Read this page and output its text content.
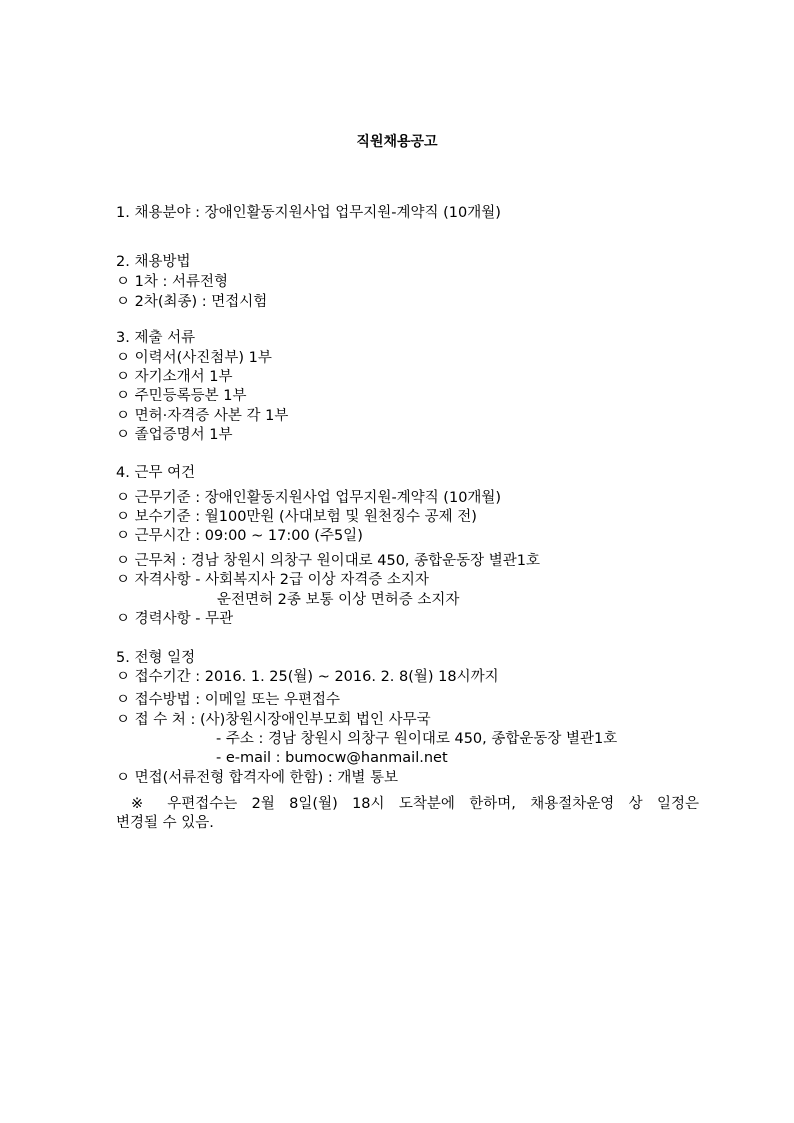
직원채용공고
1. 채용분야 : 장애인활동지원사업 업무지원-계약직 (10개월)
2. 채용방법
ㅇ 1차 : 서류전형
ㅇ 2차(최종) : 면접시험
3. 제출 서류
ㅇ 이력서(사진첨부) 1부
ㅇ 자기소개서 1부
ㅇ 주민등록등본 1부
ㅇ 면허·자격증 사본 각 1부
ㅇ 졸업증명서 1부
4. 근무 여건
ㅇ 근무기준 : 장애인활동지원사업 업무지원-계약직 (10개월)
ㅇ 보수기준 : 월100만원 (사대보험 및 원천징수 공제 전)
ㅇ 근무시간 : 09:00 ~ 17:00 (주5일)
ㅇ 근무처 : 경남 창원시 의창구 원이대로 450, 종합운동장 별관1호
ㅇ 자격사항 - 사회복지사 2급 이상 자격증 소지자
운전면허 2종 보통 이상 면허증 소지자
ㅇ 경력사항 - 무관
5. 전형 일정
ㅇ 접수기간 : 2016. 1. 25(월) ~ 2016. 2. 8(월) 18시까지
ㅇ 접수방법 : 이메일 또는 우편접수
ㅇ 접 수 처 : (사)창원시장애인부모회 법인 사무국
- 주소 : 경남 창원시 의창구 원이대로 450, 종합운동장 별관1호
- e-mail : bumocw@hanmail.net
ㅇ 면접(서류전형 합격자에 한함) : 개별 통보
※ 우편접수는 2월 8일(월) 18시 도착분에 한하며, 채용절차운영 상 일정은
변경될 수 있음.
